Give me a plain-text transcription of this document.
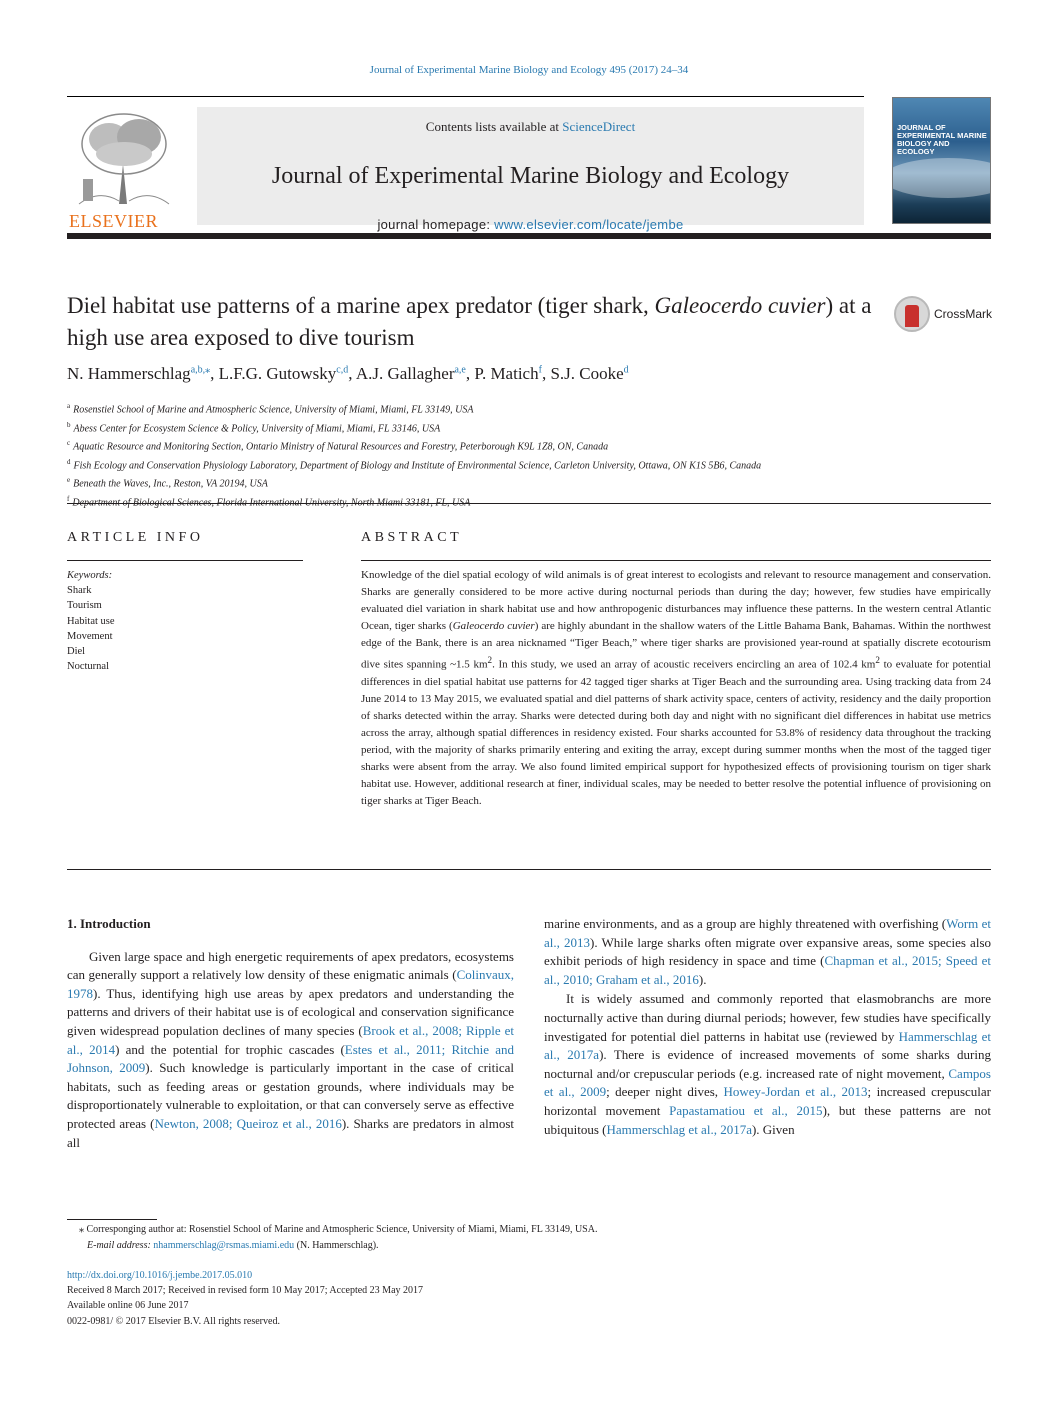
Journal of Experimental Marine Biology and Ecology 495 (2017) 24–34
ELSEVIER
Contents lists available at ScienceDirect
Journal of Experimental Marine Biology and Ecology
journal homepage: www.elsevier.com/locate/jembe
JOURNAL OF EXPERIMENTAL MARINE BIOLOGY AND ECOLOGY
Diel habitat use patterns of a marine apex predator (tiger shark, Galeocerdo cuvier) at a high use area exposed to dive tourism
CrossMark
N. Hammerschlag$^{a,b,⁎}$, L.F.G. Gutowsky$^{c,d}$, A.J. Gallagher$^{a,e}$, P. Matich$^f$, S.J. Cooke$^d$
$^a$ Rosenstiel School of Marine and Atmospheric Science, University of Miami, Miami, FL 33149, USA
$^b$ Abess Center for Ecosystem Science & Policy, University of Miami, Miami, FL 33146, USA
$^c$ Aquatic Resource and Monitoring Section, Ontario Ministry of Natural Resources and Forestry, Peterborough K9L 1Z8, ON, Canada
$^d$ Fish Ecology and Conservation Physiology Laboratory, Department of Biology and Institute of Environmental Science, Carleton University, Ottawa, ON K1S 5B6, Canada
$^e$ Beneath the Waves, Inc., Reston, VA 20194, USA
$^f$
ARTICLE INFO	ABSTRACT
Keywords:
Shark
Tourism
Habitat use
Movement
Diel
Nocturnal
Knowledge of the diel spatial ecology of wild animals is of great interest to ecologists and relevant to resource management and conservation. Sharks are generally considered to be more active during nocturnal periods than during the day; however, few studies have empirically evaluated diel variation in shark habitat use and how anthropogenic disturbances may influence these patterns. In the western central Atlantic Ocean, tiger sharks (Galeocerdo cuvier) are highly abundant in the shallow waters of the Little Bahama Bank, Bahamas. Within the northwest edge of the Bank, there is an area nicknamed “Tiger Beach,” where tiger sharks are provisioned year-round at spatially discrete ecotourism dive sites spanning ~1.5 $km^2$. In this study, we used an array of acoustic receivers encircling an area of 102.4 $km^2$ to evaluate for potential differences in diel spatial habitat use patterns for 42 tagged tiger sharks at Tiger Beach and the surrounding area. Using tracking data from 24 June 2014 to 13 May 2015, we evaluated spatial and diel patterns of shark activity space, centers of activity, residency and the daily proportion of sharks detected within the array. Sharks were detected during both day and night with no significant diel differences in habitat use metrics across the array, although spatial differences in residency existed. Four sharks accounted for 53.8% of residency data throughout the tracking period, with the majority of sharks primarily entering and exiting the array, except during summer months when the most of the tagged tiger sharks were absent from the array. We also found limited empirical support for hypothesized effects of provisioning tourism on tiger shark habitat use. However, additional research at finer, individual scales, may be needed to better resolve the potential influence of provisioning on tiger sharks at Tiger Beach.
1. Introduction

Given large space and high energetic requirements of apex predators, ecosystems can generally support a relatively low density of these enigmatic animals (Colinvaux, 1978). Thus, identifying high use areas by apex predators and understanding the patterns and drivers of their habitat use is of ecological and conservation significance given widespread population declines of many species (Brook et al., 2008; Ripple et al., 2014) and the potential for trophic cascades (Estes et al., 2011; Ritchie and Johnson, 2009). Such knowledge is particularly important in the case of critical habitats, such as feeding areas or gestation grounds, where individuals may be disproportionately vulnerable to exploitation, or that can conversely serve as effective protected areas (Newton, 2008; Queiroz et al., 2016). Sharks are predators in almost all

marine environments, and as a group are highly threatened with overfishing (Worm et al., 2013). While large sharks often migrate over expansive areas, some species also exhibit periods of high residency in space and time (Chapman et al., 2015; Speed et al., 2010; Graham et al., 2016).

It is widely assumed and commonly reported that elasmobranchs are more nocturnally active than during diurnal periods; however, few studies have specifically investigated for potential diel patterns in habitat use (reviewed by Hammerschlag et al., 2017a). There is evidence of increased movements of some sharks during nocturnal and/or crepuscular periods (e.g. increased rate of night movement, Campos et al., 2009; deeper night dives, Howey-Jordan et al., 2013; increased crepuscular horizontal movement Papastamatiou et al., 2015), but these patterns are not ubiquitous (Hammerschlag et al., 2017a). Given

⁎ Corresponging author at: Rosenstiel School of Marine and Atmospheric Science, University of Miami, Miami, FL 33149, USA.
E-mail address: nhammerschlag@rsmas.miami.edu (N. Hammerschlag).
http://dx.doi.org/10.1016/j.jembe.2017.05.010
Received 8 March 2017; Received in revised form 10 May 2017; Accepted 23 May 2017
Available online 06 June 2017
0022-0981/ © 2017 Elsevier B.V. All rights reserved.
